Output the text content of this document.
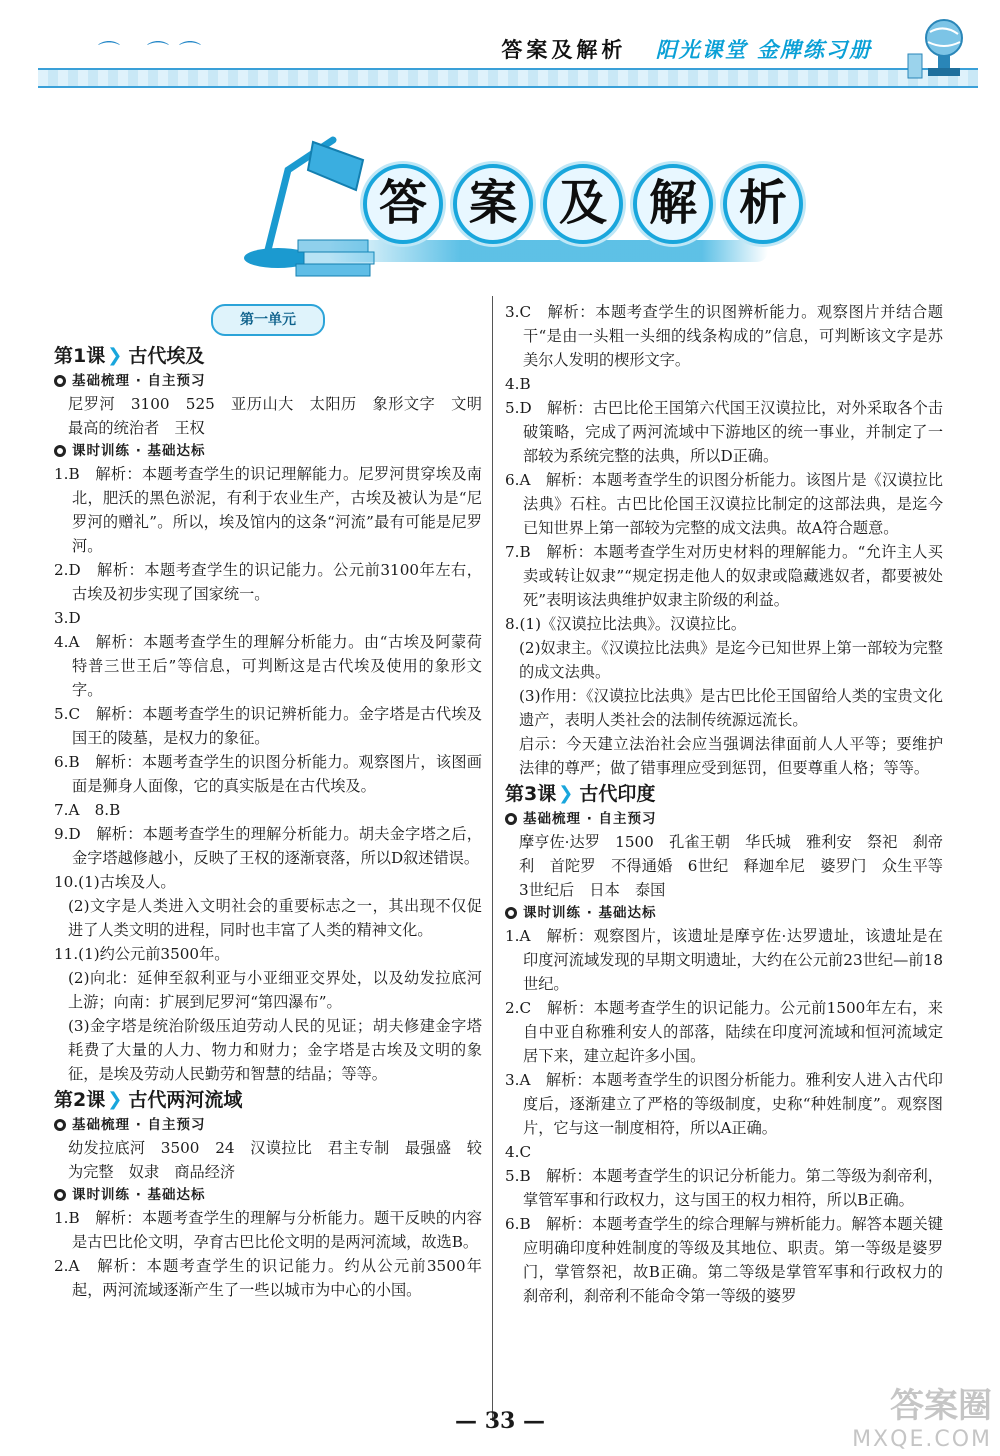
⌒ ⌒⌒	答案及解析 阳光课堂 金牌练习册
答 案 及 解 析
第一单元
第1课 ❯ 古代埃及
基础梳理 · 自主预习

尼罗河　3100　525　亚历山大　太阳历　象形文字　文明　最高的统治者　王权

课时训练 · 基础达标

1.B　解析：本题考查学生的识记理解能力。尼罗河贯穿埃及南北，肥沃的黑色淤泥，有利于农业生产，古埃及被认为是“尼罗河的赠礼”。所以，埃及馆内的这条“河流”最有可能是尼罗河。

2.D　解析：本题考查学生的识记能力。公元前3100年左右，古埃及初步实现了国家统一。

3.D

4.A　解析：本题考查学生的理解分析能力。由“古埃及阿蒙荷特普三世王后”等信息，可判断这是古代埃及使用的象形文字。

5.C　解析：本题考查学生的识记辨析能力。金字塔是古代埃及国王的陵墓，是权力的象征。

6.B　解析：本题考查学生的识图分析能力。观察图片，该图画面是狮身人面像，它的真实版是在古代埃及。

7.A　8.B

9.D　解析：本题考查学生的理解分析能力。胡夫金字塔之后，金字塔越修越小，反映了王权的逐渐衰落，所以D叙述错误。

10.(1)古埃及人。

(2)文字是人类进入文明社会的重要标志之一，其出现不仅促进了人类文明的进程，同时也丰富了人类的精神文化。

11.(1)约公元前3500年。

(2)向北：延伸至叙利亚与小亚细亚交界处，以及幼发拉底河上游；向南：扩展到尼罗河“第四瀑布”。

(3)金字塔是统治阶级压迫劳动人民的见证；胡夫修建金字塔耗费了大量的人力、物力和财力；金字塔是古埃及文明的象征，是埃及劳动人民勤劳和智慧的结晶；等等。

第2课 ❯ 古代两河流域
基础梳理 · 自主预习

幼发拉底河　3500　24　汉谟拉比　君主专制　最强盛　较为完整　奴隶　商品经济

课时训练 · 基础达标

1.B　解析：本题考查学生的理解与分析能力。题干反映的内容是古巴比伦文明，孕育古巴比伦文明的是两河流域，故选B。

2.A　解析：本题考查学生的识记能力。约从公元前3500年起，两河流域逐渐产生了一些以城市为中心的小国。

3.C　解析：本题考查学生的识图辨析能力。观察图片并结合题干“是由一头粗一头细的线条构成的”信息，可判断该文字是苏美尔人发明的楔形文字。

4.B

5.D　解析：古巴比伦王国第六代国王汉谟拉比，对外采取各个击破策略，完成了两河流域中下游地区的统一事业，并制定了一部较为系统完整的法典，所以D正确。

6.A　解析：本题考查学生的识图分析能力。该图片是《汉谟拉比法典》石柱。古巴比伦国王汉谟拉比制定的这部法典，是迄今已知世界上第一部较为完整的成文法典。故A符合题意。

7.B　解析：本题考查学生对历史材料的理解能力。“允许主人买卖或转让奴隶”“规定拐走他人的奴隶或隐藏逃奴者，都要被处死”表明该法典维护奴隶主阶级的利益。

8.(1)《汉谟拉比法典》。汉谟拉比。

(2)奴隶主。《汉谟拉比法典》是迄今已知世界上第一部较为完整的成文法典。

(3)作用：《汉谟拉比法典》是古巴比伦王国留给人类的宝贵文化遗产，表明人类社会的法制传统源远流长。

启示：今天建立法治社会应当强调法律面前人人平等；要维护法律的尊严；做了错事理应受到惩罚，但要尊重人格；等等。

第3课 ❯ 古代印度
基础梳理 · 自主预习

摩亨佐·达罗　1500　孔雀王朝　华氏城　雅利安　祭祀　刹帝利　首陀罗　不得通婚　6世纪　释迦牟尼　婆罗门　众生平等　3世纪后　日本　泰国

课时训练 · 基础达标

1.A　解析：观察图片，该遗址是摩亨佐·达罗遗址，该遗址是在印度河流域发现的早期文明遗址，大约在公元前23世纪—前18世纪。

2.C　解析：本题考查学生的识记能力。公元前1500年左右，来自中亚自称雅利安人的部落，陆续在印度河流域和恒河流域定居下来，建立起许多小国。

3.A　解析：本题考查学生的识图分析能力。雅利安人进入古代印度后，逐渐建立了严格的等级制度，史称“种姓制度”。观察图片，它与这一制度相符，所以A正确。

4.C

5.B　解析：本题考查学生的识记分析能力。第二等级为刹帝利，掌管军事和行政权力，这与国王的权力相符，所以B正确。

6.B　解析：本题考查学生的综合理解与辨析能力。解答本题关键应明确印度种姓制度的等级及其地位、职责。第一等级是婆罗门，掌管祭祀，故B正确。第二等级是掌管军事和行政权力的刹帝利，刹帝利不能命令第一等级的婆罗

— 33 —	答案圈
MXQE.COM
